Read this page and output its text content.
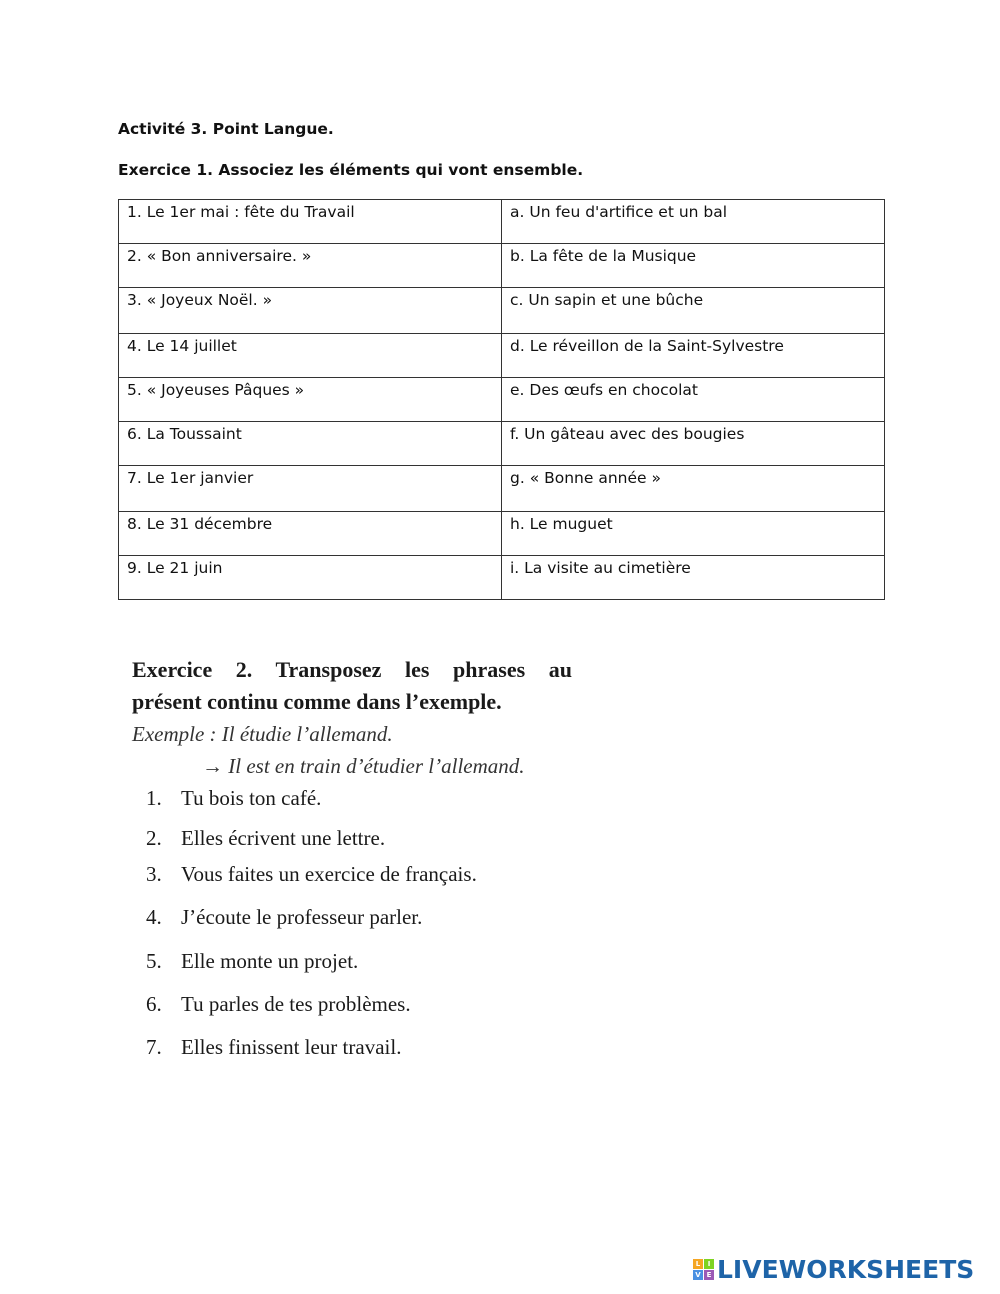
Activité 3. Point Langue.
Exercice 1. Associez les éléments qui vont ensemble.
1. Le 1er mai : fête du Travail	a. Un feu d'artifice et un bal
2. « Bon anniversaire. »	b. La fête de la Musique
3. « Joyeux Noël. »	c. Un sapin et une bûche
4. Le 14 juillet	d. Le réveillon de la Saint-Sylvestre
5. « Joyeuses Pâques »	e. Des œufs en chocolat
6. La Toussaint	f. Un gâteau avec des bougies
7. Le 1er janvier	g. « Bonne année »
8. Le 31 décembre	h. Le muguet
9. Le 21 juin	i. La visite au cimetière
Exercice 2. Transposez les phrases au
présent continu comme dans l’exemple.
Exemple : Il étudie l’allemand.
→ Il est en train d’étudier l’allemand.
1. Tu bois ton café.
2. Elles écrivent une lettre.
3. Vous faites un exercice de français.
4. J’écoute le professeur parler.
5. Elle monte un projet.
6. Tu parles de tes problèmes.
7. Elles finissent leur travail.
L	I
V E LIVEWORKSHEETS
